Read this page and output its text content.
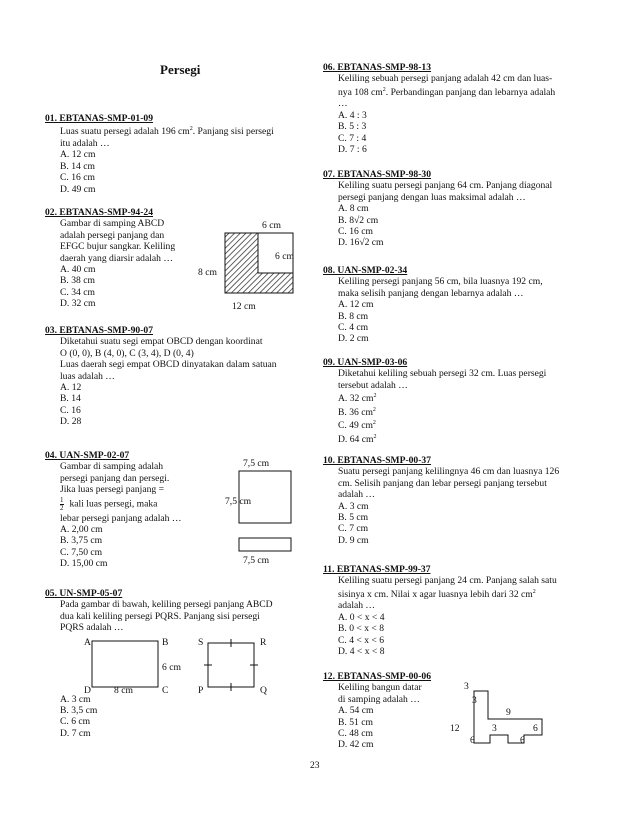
Persegi
01. EBTANAS-SMP-01-09
Luas suatu persegi adalah 196 $cm^2$. Panjang sisi persegi
itu adalah …
A. 12 cm
B. 14 cm
C. 16 cm
D. 49 cm
02. EBTANAS-SMP-94-24
Gambar di samping ABCD
adalah persegi panjang dan
EFGC bujur sangkar. Keliling
daerah yang diarsir adalah …
A. 40 cm
B. 38 cm
C. 34 cm
D. 32 cm
6 cm
6 cm
8 cm
12 cm
03. EBTANAS-SMP-90-07
Diketahui suatu segi empat OBCD dengan koordinat
O (0, 0), B (4, 0), C (3, 4), D (0, 4)
Luas daerah segi empat OBCD dinyatakan dalam satuan
luas adalah …
A. 12
B. 14
C. 16
D. 28
04. UAN-SMP-02-07
Gambar di samping adalah
persegi panjang dan persegi.
Jika luas persegi panjang =
$\frac{1}{2}$ kali luas persegi, maka
lebar persegi panjang adalah …
A. 2,00 cm
B. 3,75 cm
C. 7,50 cm
D. 15,00 cm
7,5 cm
7,5 cm
7,5 cm
05. UN-SMP-05-07
Pada gambar di bawah, keliling persegi panjang ABCD
dua kali keliling persegi PQRS. Panjang sisi persegi
PQRS adalah …
A	B
D	C
6 cm
8 cm
S	R
P	Q
A. 3 cm
B. 3,5 cm
C. 6 cm
D. 7 cm
06. EBTANAS-SMP-98-13
Keliling sebuah persegi panjang adalah 42 cm dan luas-
nya 108 $cm^2$. Perbandingan panjang dan lebarnya adalah
…
A. 4 : 3
B. 5 : 3
C. 7 : 4
D. 7 : 6
07. EBTANAS-SMP-98-30
Keliling suatu persegi panjang 64 cm. Panjang diagonal
persegi panjang dengan luas maksimal adalah …
A. 8 cm
B. 8√2 cm
C. 16 cm
D. 16√2 cm
08. UAN-SMP-02-34
Keliling persegi panjang 56 cm, bila luasnya 192 cm,
maka selisih panjang dengan lebarnya adalah …
A. 12 cm
B. 8 cm
C. 4 cm
D. 2 cm
09. UAN-SMP-03-06
Diketahui keliling sebuah persegi 32 cm. Luas persegi
tersebut adalah …
A. 32 $cm^2$
B. 36 $cm^2$
C. 49 $cm^2$
D. 64 $cm^2$
10. EBTANAS-SMP-00-37
Suatu persegi panjang kelilingnya 46 cm dan luasnya 126
cm. Selisih panjang dan lebar persegi panjang tersebut
adalah …
A. 3 cm
B. 5 cm
C. 7 cm
D. 9 cm
11. EBTANAS-SMP-99-37
Keliling suatu persegi panjang 24 cm. Panjang salah satu
sisinya x cm. Nilai x agar luasnya lebih dari 32 $cm^2$
adalah …
A. 0 < x < 4
B. 0 < x < 8
C. 4 < x < 6
D. 4 < x < 8
12. EBTANAS-SMP-00-06
Keliling bangun datar
di samping adalah …
A. 54 cm
B. 51 cm
C. 48 cm
D. 42 cm
3
3
9
12	3	6
6	6
23
